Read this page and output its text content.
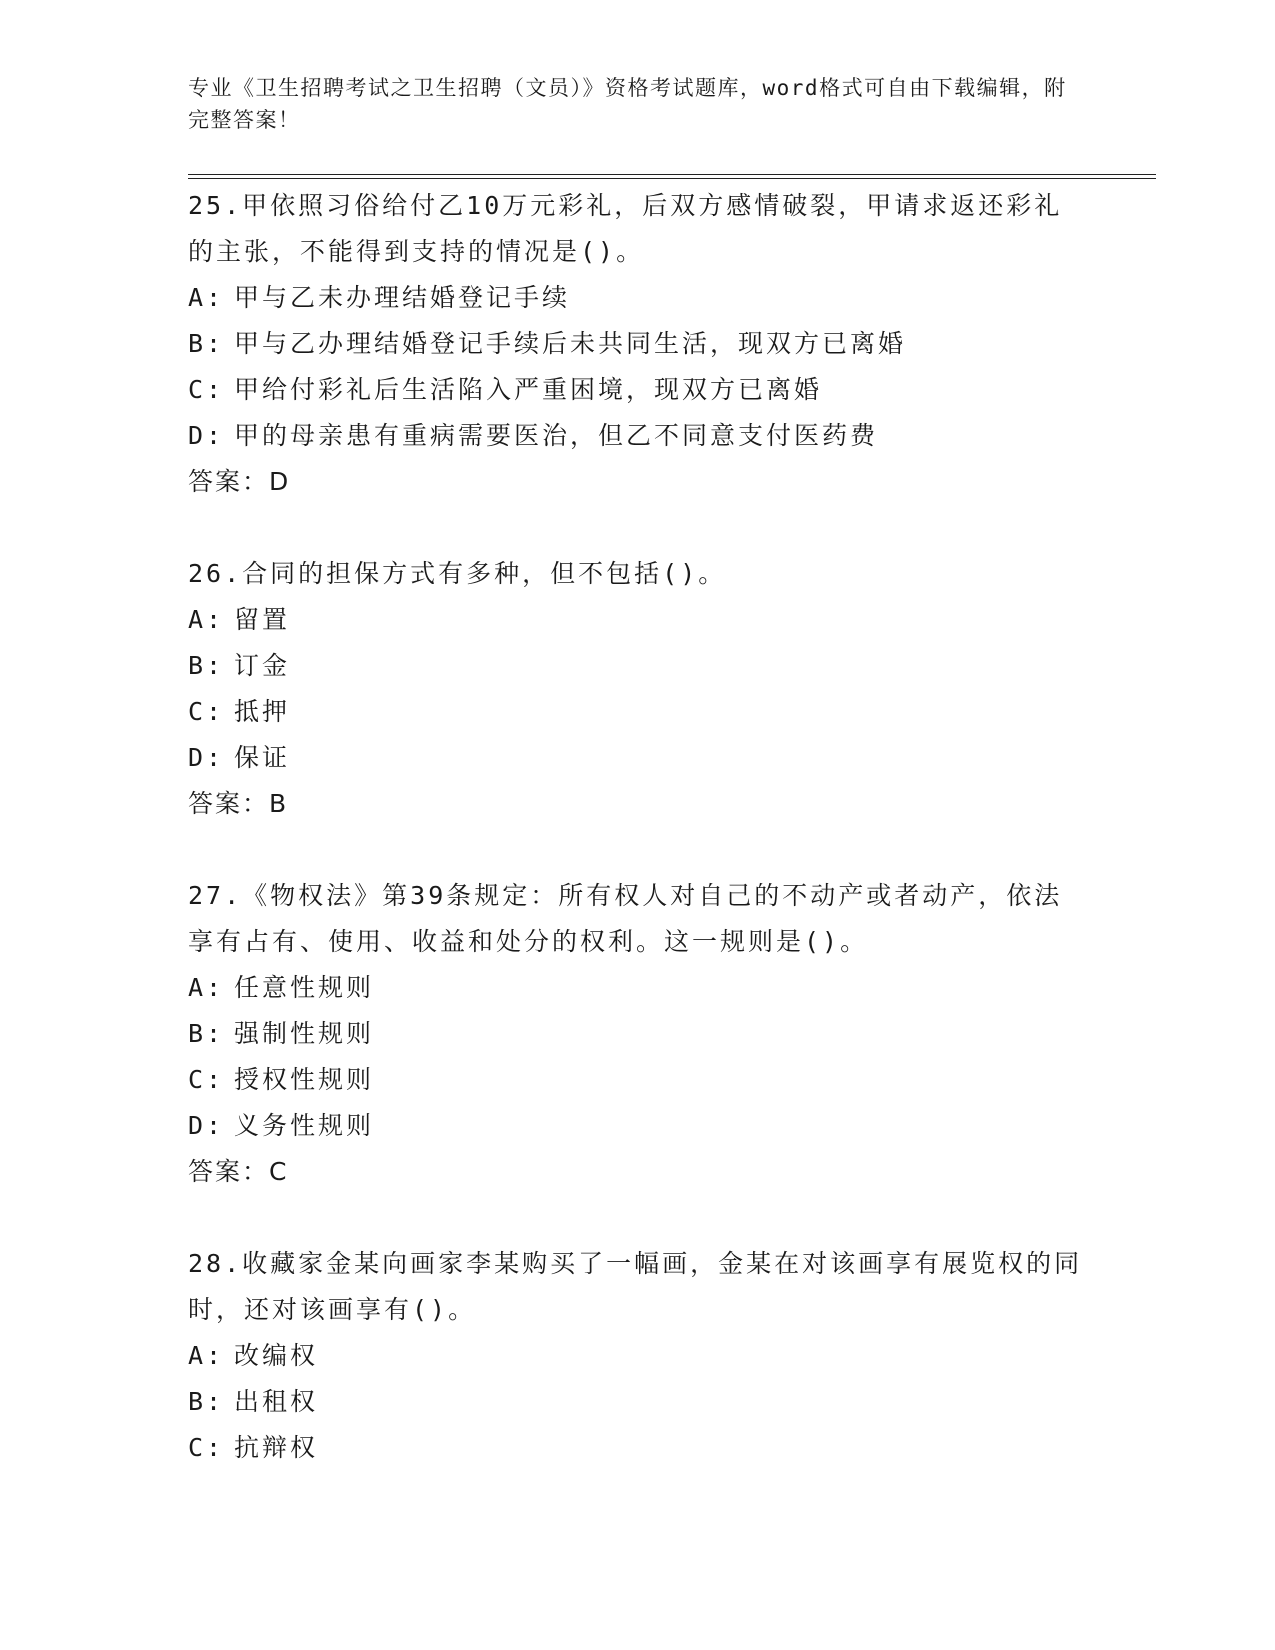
专业《卫生招聘考试之卫生招聘（文员）》资格考试题库，word格式可自由下载编辑，附完整答案！

25.甲依照习俗给付乙10万元彩礼，后双方感情破裂，甲请求返还彩礼的主张，不能得到支持的情况是()。

A: 甲与乙未办理结婚登记手续

B: 甲与乙办理结婚登记手续后未共同生活，现双方已离婚

C: 甲给付彩礼后生活陷入严重困境，现双方已离婚

D: 甲的母亲患有重病需要医治，但乙不同意支付医药费

答案：D

26.合同的担保方式有多种，但不包括()。

A: 留置

B: 订金

C: 抵押

D: 保证

答案：B

27.《物权法》第39条规定：所有权人对自己的不动产或者动产，依法享有占有、使用、收益和处分的权利。这一规则是()。

A: 任意性规则

B: 强制性规则

C: 授权性规则

D: 义务性规则

答案：C

28.收藏家金某向画家李某购买了一幅画，金某在对该画享有展览权的同时，还对该画享有()。

A: 改编权

B: 出租权

C: 抗辩权
